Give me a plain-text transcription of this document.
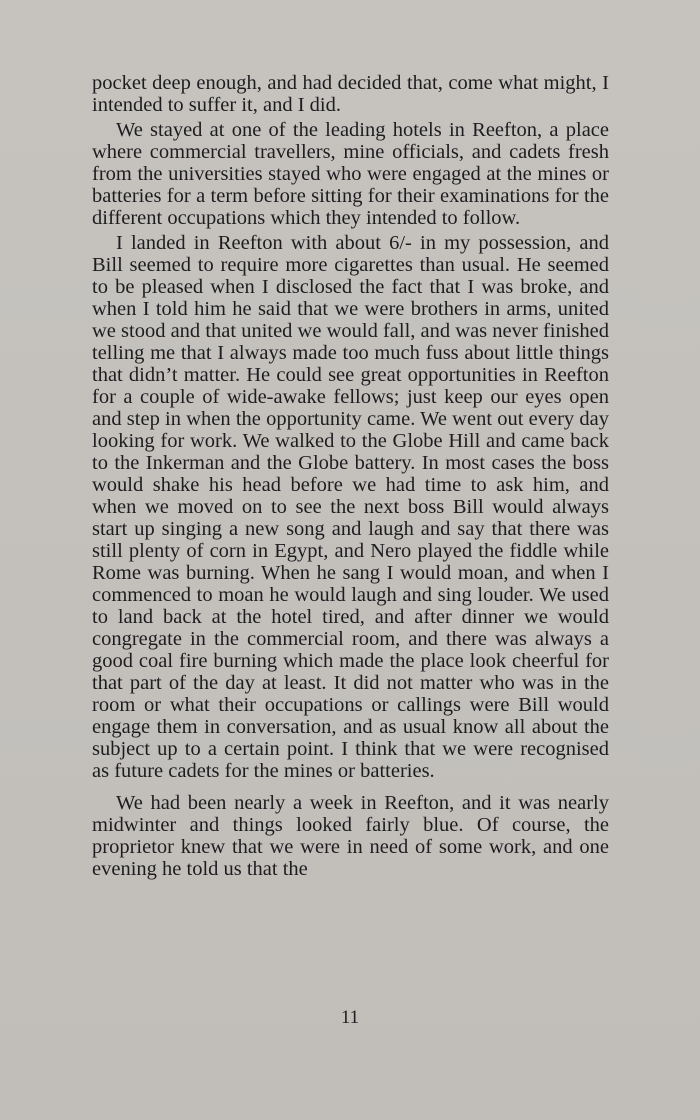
pocket deep enough, and had decided that, come what might, I intended to suffer it, and I did.

We stayed at one of the leading hotels in Reefton, a place where commercial travellers, mine officials, and cadets fresh from the universities stayed who were engaged at the mines or batteries for a term before sitting for their examinations for the different occupations which they intended to follow.

I landed in Reefton with about 6/- in my possession, and Bill seemed to require more cigarettes than usual. He seemed to be pleased when I disclosed the fact that I was broke, and when I told him he said that we were brothers in arms, united we stood and that united we would fall, and was never finished telling me that I always made too much fuss about little things that didn’t matter. He could see great opportunities in Reefton for a couple of wide-awake fellows; just keep our eyes open and step in when the opportunity came. We went out every day looking for work. We walked to the Globe Hill and came back to the Inkerman and the Globe battery. In most cases the boss would shake his head before we had time to ask him, and when we moved on to see the next boss Bill would always start up singing a new song and laugh and say that there was still plenty of corn in Egypt, and Nero played the fiddle while Rome was burning. When he sang I would moan, and when I commenced to moan he would laugh and sing louder. We used to land back at the hotel tired, and after dinner we would congregate in the commercial room, and there was always a good coal fire burning which made the place look cheerful for that part of the day at least. It did not matter who was in the room or what their occupations or callings were Bill would engage them in conversation, and as usual know all about the subject up to a certain point. I think that we were recognised as future cadets for the mines or batteries.

We had been nearly a week in Reefton, and it was nearly midwinter and things looked fairly blue. Of course, the proprietor knew that we were in need of some work, and one evening he told us that the

11
